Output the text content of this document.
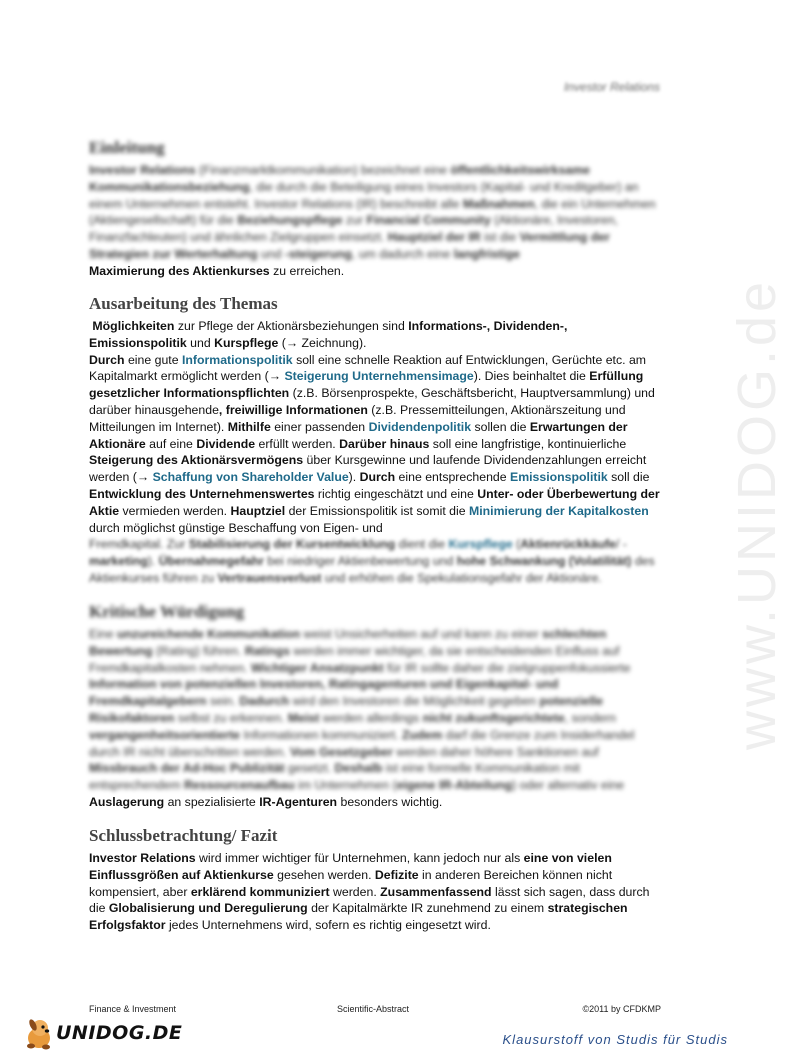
Investor Relations
www.UNIDOG.de
Einleitung

Investor Relations (Finanzmarktkommunikation) bezeichnet eine öffentlichkeitswirksame Kommunikationsbeziehung, die durch die Beteiligung eines Investors (Kapital- und Kreditgeber) an einem Unternehmen entsteht. Investor Relations (IR) beschreibt alle Maßnahmen, die ein Unternehmen (Aktiengesellschaft) für die Beziehungspflege zur Financial Community (Aktionäre, Investoren, Finanzfachleuten) und ähnlichen Zielgruppen einsetzt. Hauptziel der IR ist die Vermittlung der Strategien zur Werterhaltung und -steigerung, um dadurch eine langfristige

Maximierung des Aktienkurses zu erreichen.

Ausarbeitung des Themas

Möglichkeiten zur Pflege der Aktionärsbeziehungen sind Informations-, Dividenden-, Emissionspolitik und Kurspflege (→ Zeichnung).
Durch eine gute Informationspolitik soll eine schnelle Reaktion auf Entwicklungen, Gerüchte etc. am Kapitalmarkt ermöglicht werden (→ Steigerung Unternehmensimage). Dies beinhaltet die Erfüllung gesetzlicher Informationspflichten (z.B. Börsenprospekte, Geschäftsbericht, Hauptversammlung) und darüber hinausgehende, freiwillige Informationen (z.B. Pressemitteilungen, Aktionärszeitung und Mitteilungen im Internet). Mithilfe einer passenden Dividendenpolitik sollen die Erwartungen der Aktionäre auf eine Dividende erfüllt werden. Darüber hinaus soll eine langfristige, kontinuierliche Steigerung des Aktionärsvermögens über Kursgewinne und laufende Dividendenzahlungen erreicht werden (→ Schaffung von Shareholder Value). Durch eine entsprechende Emissionspolitik soll die Entwicklung des Unternehmenswertes richtig eingeschätzt und eine Unter- oder Überbewertung der Aktie vermieden werden. Hauptziel der Emissionspolitik ist somit die Minimierung der Kapitalkosten durch möglichst günstige Beschaffung von Eigen- und

Fremdkapital. Zur Stabilisierung der Kursentwicklung dient die Kurspflege (Aktienrückkäufe/ - marketing). Übernahmegefahr bei niedriger Aktienbewertung und hohe Schwankung (Volatilität) des Aktienkurses führen zu Vertrauensverlust und erhöhen die Spekulationsgefahr der Aktionäre.

Kritische Würdigung

Eine unzureichende Kommunikation weist Unsicherheiten auf und kann zu einer schlechten Bewertung (Rating) führen. Ratings werden immer wichtiger, da sie entscheidenden Einfluss auf Fremdkapitalkosten nehmen. Wichtiger Ansatzpunkt für IR sollte daher die zielgruppenfokussierte Information von potenziellen Investoren, Ratingagenturen und Eigenkapital- und Fremdkapitalgebern sein. Dadurch wird den Investoren die Möglichkeit gegeben potenzielle Risikofaktoren selbst zu erkennen. Meist werden allerdings nicht zukunftsgerichtete, sondern vergangenheitsorientierte Informationen kommuniziert. Zudem darf die Grenze zum Insiderhandel durch IR nicht überschritten werden. Vom Gesetzgeber werden daher höhere Sanktionen auf Missbrauch der Ad-Hoc Publizität gesetzt. Deshalb ist eine formelle Kommunikation mit entsprechendem Ressourcenaufbau im Unternehmen (eigene IR-Abteilung) oder alternativ eine

Auslagerung an spezialisierte IR-Agenturen besonders wichtig.

Schlussbetrachtung/ Fazit

Investor Relations wird immer wichtiger für Unternehmen, kann jedoch nur als eine von vielen Einflussgrößen auf Aktienkurse gesehen werden. Defizite in anderen Bereichen können nicht kompensiert, aber erklärend kommuniziert werden. Zusammenfassend lässt sich sagen, dass durch die Globalisierung und Deregulierung der Kapitalmärkte IR zunehmend zu einem strategischen Erfolgsfaktor jedes Unternehmens wird, sofern es richtig eingesetzt wird.

Finance & Investment	Scientific-Abstract	©2011 by CFDKMP
UNIDOG.DE	Klausurstoff von Studis für Studis
